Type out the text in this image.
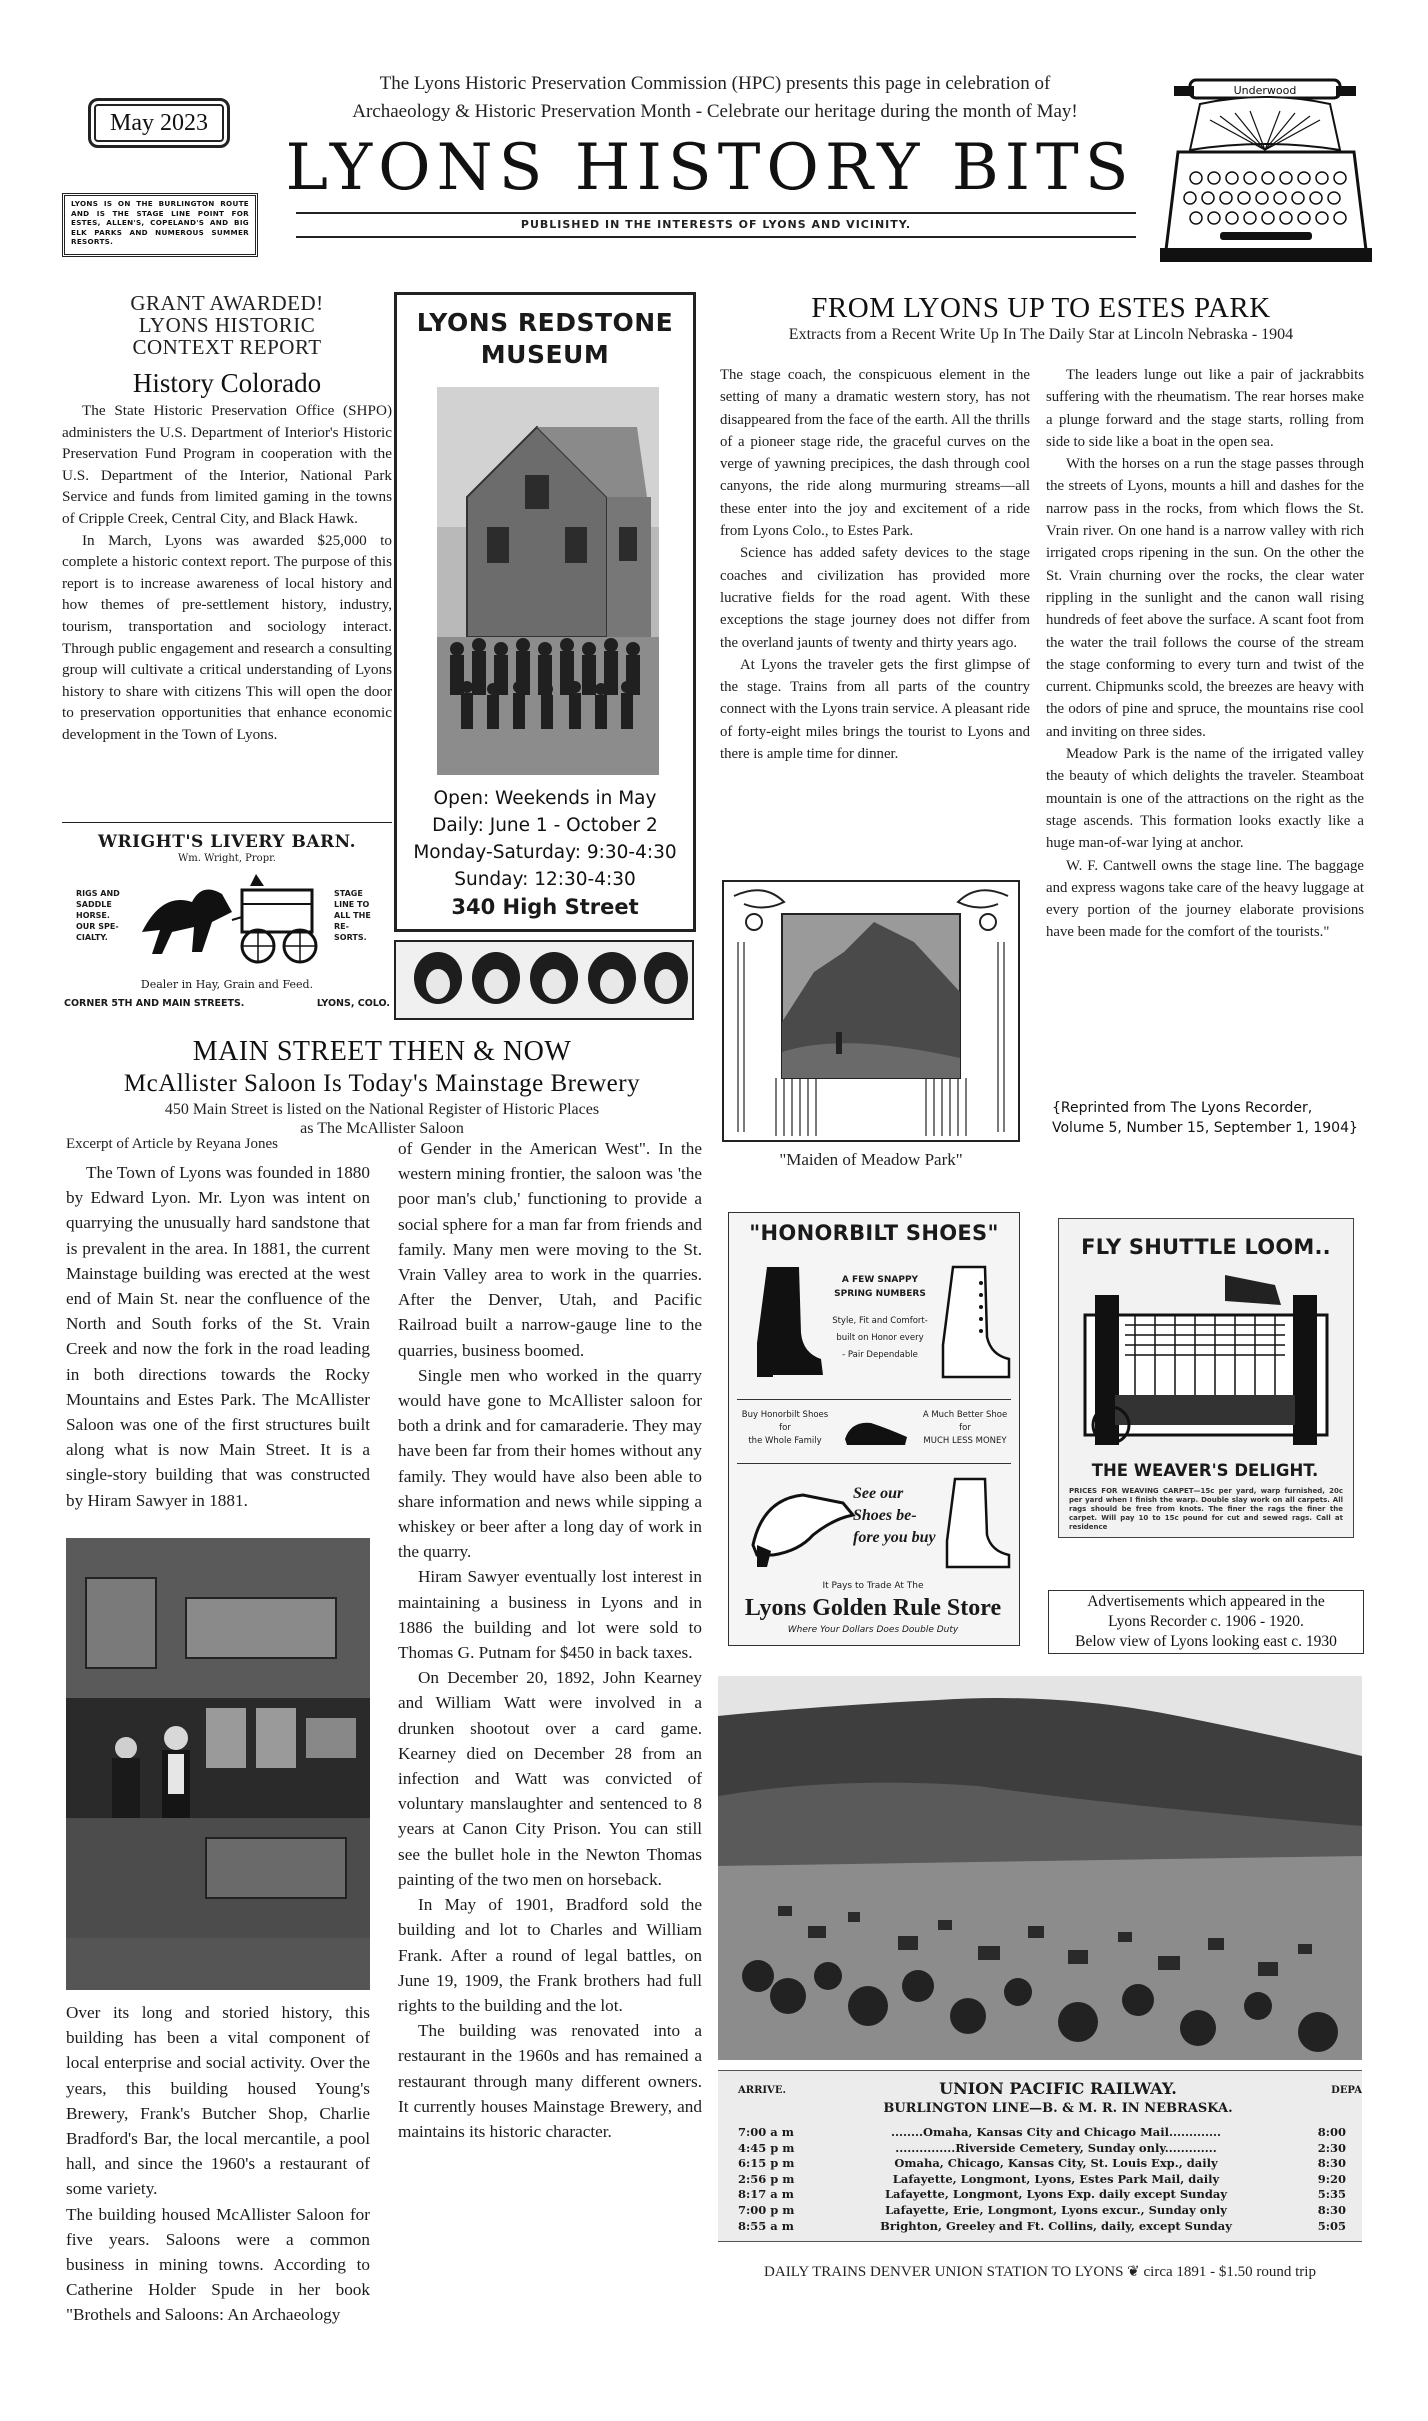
May 2023
The Lyons Historic Preservation Commission (HPC) presents this page in celebration of
Archaeology & Historic Preservation Month - Celebrate our heritage during the month of May!
LYONS HISTORY BITS
PUBLISHED IN THE INTERESTS OF LYONS AND VICINITY.
LYONS IS ON THE BURLINGTON ROUTE AND IS THE STAGE LINE POINT FOR ESTES, ALLEN'S, COPELAND'S AND BIG ELK PARKS AND NUMEROUS SUMMER RESORTS.
Underwood
GRANT AWARDED!
LYONS HISTORIC
CONTEXT REPORT
History Colorado

The State Historic Preservation Office (SHPO) administers the U.S. Department of Interior's Historic Preservation Fund Program in cooperation with the U.S. Department of the Interior, National Park Service and funds from limited gaming in the towns of Cripple Creek, Central City, and Black Hawk.

In March, Lyons was awarded $25,000 to complete a historic context report. The purpose of this report is to increase awareness of local history and how themes of pre-settlement history, industry, tourism, transportation and sociology interact. Through public engagement and research a consulting group will cultivate a critical understanding of Lyons history to share with citizens This will open the door to preservation opportunities that enhance economic development in the Town of Lyons.

WRIGHT'S LIVERY BARN.
Wm. Wright, Propr.
RIGS AND SADDLE HORSE. OUR SPE- CIALTY.
STAGE LINE TO ALL THE RE- SORTS.
Dealer in Hay, Grain and Feed.
CORNER 5TH AND MAIN STREETS.	LYONS, COLO.
LYONS REDSTONE
MUSEUM
Open: Weekends in May
Daily: June 1 - October 2
Monday-Saturday: 9:30-4:30
Sunday: 12:30-4:30
340 High Street
FROM LYONS UP TO ESTES PARK
Extracts from a Recent Write Up In The Daily Star at Lincoln Nebraska - 1904

The stage coach, the conspicuous element in the setting of many a dramatic western story, has not disappeared from the face of the earth. All the thrills of a pioneer stage ride, the graceful curves on the verge of yawning precipices, the dash through cool canyons, the ride along murmuring streams—all these enter into the joy and excitement of a ride from Lyons Colo., to Estes Park.

Science has added safety devices to the stage coaches and civilization has provided more lucrative fields for the road agent. With these exceptions the stage journey does not differ from the overland jaunts of twenty and thirty years ago.

At Lyons the traveler gets the first glimpse of the stage. Trains from all parts of the country connect with the Lyons train service. A pleasant ride of forty-eight miles brings the tourist to Lyons and there is ample time for dinner.

The leaders lunge out like a pair of jackrabbits suffering with the rheumatism. The rear horses make a plunge forward and the stage starts, rolling from side to side like a boat in the open sea.

With the horses on a run the stage passes through the streets of Lyons, mounts a hill and dashes for the narrow pass in the rocks, from which flows the St. Vrain river. On one hand is a narrow valley with rich irrigated crops ripening in the sun. On the other the St. Vrain churning over the rocks, the clear water rippling in the sunlight and the canon wall rising hundreds of feet above the surface. A scant foot from the water the trail follows the course of the stream the stage conforming to every turn and twist of the current. Chipmunks scold, the breezes are heavy with the odors of pine and spruce, the mountains rise cool and inviting on three sides.

Meadow Park is the name of the irrigated valley the beauty of which delights the traveler. Steamboat mountain is one of the attractions on the right as the stage ascends. This formation looks exactly like a huge man-of-war lying at anchor.

W. F. Cantwell owns the stage line. The baggage and express wagons take care of the heavy luggage at every portion of the journey elaborate provisions have been made for the comfort of the tourists."

{Reprinted from The Lyons Recorder,
Volume 5, Number 15, September 1, 1904}
"Maiden of Meadow Park"
MAIN STREET THEN & NOW
McAllister Saloon Is Today's Mainstage Brewery
450 Main Street is listed on the National Register of Historic Places
as The McAllister Saloon
Excerpt of Article by Reyana Jones

The Town of Lyons was founded in 1880 by Edward Lyon. Mr. Lyon was intent on quarrying the unusually hard sandstone that is prevalent in the area. In 1881, the current Mainstage building was erected at the west end of Main St. near the confluence of the North and South forks of the St. Vrain Creek and now the fork in the road leading in both directions towards the Rocky Mountains and Estes Park. The McAllister Saloon was one of the first structures built along what is now Main Street. It is a single-story building that was constructed by Hiram Sawyer in 1881.

Over its long and storied history, this building has been a vital component of local enterprise and social activity. Over the years, this building housed Young's Brewery, Frank's Butcher Shop, Charlie Bradford's Bar, the local mercantile, a pool hall, and since the 1960's a restaurant of some variety.

The building housed McAllister Saloon for five years. Saloons were a common business in mining towns. According to Catherine Holder Spude in her book "Brothels and Saloons: An Archaeology

of Gender in the American West". In the western mining frontier, the saloon was 'the poor man's club,' functioning to provide a social sphere for a man far from friends and family. Many men were moving to the St. Vrain Valley area to work in the quarries. After the Denver, Utah, and Pacific Railroad built a narrow-gauge line to the quarries, business boomed.

Single men who worked in the quarry would have gone to McAllister saloon for both a drink and for camaraderie. They may have been far from their homes without any family. They would have also been able to share information and news while sipping a whiskey or beer after a long day of work in the quarry.

Hiram Sawyer eventually lost interest in maintaining a business in Lyons and in 1886 the building and lot were sold to Thomas G. Putnam for $450 in back taxes.

On December 20, 1892, John Kearney and William Watt were involved in a drunken shootout over a card game. Kearney died on December 28 from an infection and Watt was convicted of voluntary manslaughter and sentenced to 8 years at Canon City Prison. You can still see the bullet hole in the Newton Thomas painting of the two men on horseback.

In May of 1901, Bradford sold the building and lot to Charles and William Frank. After a round of legal battles, on June 19, 1909, the Frank brothers had full rights to the building and the lot.

The building was renovated into a restaurant in the 1960s and has remained a restaurant through many different owners. It currently houses Mainstage Brewery, and maintains its historic character.

"HONORBILT SHOES"
A FEW SNAPPY
SPRING NUMBERS
Style, Fit and Comfort-
built on Honor every
- Pair Dependable
Buy Honorbilt Shoes
for
the Whole Family
A Much Better Shoe
for
MUCH LESS MONEY
See our
Shoes be-
fore you buy
It Pays to Trade At The
Lyons Golden Rule Store
Where Your Dollars Does Double Duty
FLY SHUTTLE LOOM..
THE WEAVER'S DELIGHT.
PRICES FOR WEAVING CARPET—15c per yard, warp furnished, 20c per yard when I finish the warp. Double slay work on all carpets. All rags should be free from knots. The finer the rags the finer the carpet. Will pay 10 to 15c pound for cut and sewed rags. Call at residence
Advertisements which appeared in the
Lyons Recorder c. 1906 - 1920.
Below view of Lyons looking east c. 1930
ARRIVE.	DEPA
UNION PACIFIC RAILWAY.
BURLINGTON LINE—B. & M. R. IN NEBRASKA.
7:00 a m	........Omaha, Kansas City and Chicago Mail.............	8:00
4:45 p m	...............Riverside Cemetery, Sunday only.............	2:30
6:15 p m	Omaha, Chicago, Kansas City, St. Louis Exp., daily	8:30
2:56 p m	Lafayette, Longmont, Lyons, Estes Park Mail, daily	9:20
8:17 a m	Lafayette, Longmont, Lyons Exp. daily except Sunday	5:35
7:00 p m	Lafayette, Erie, Longmont, Lyons excur., Sunday only	8:30
8:55 a m	Brighton, Greeley and Ft. Collins, daily, except Sunday	5:05
DAILY TRAINS DENVER UNION STATION TO LYONS ❦ circa 1891 - $1.50 round trip
